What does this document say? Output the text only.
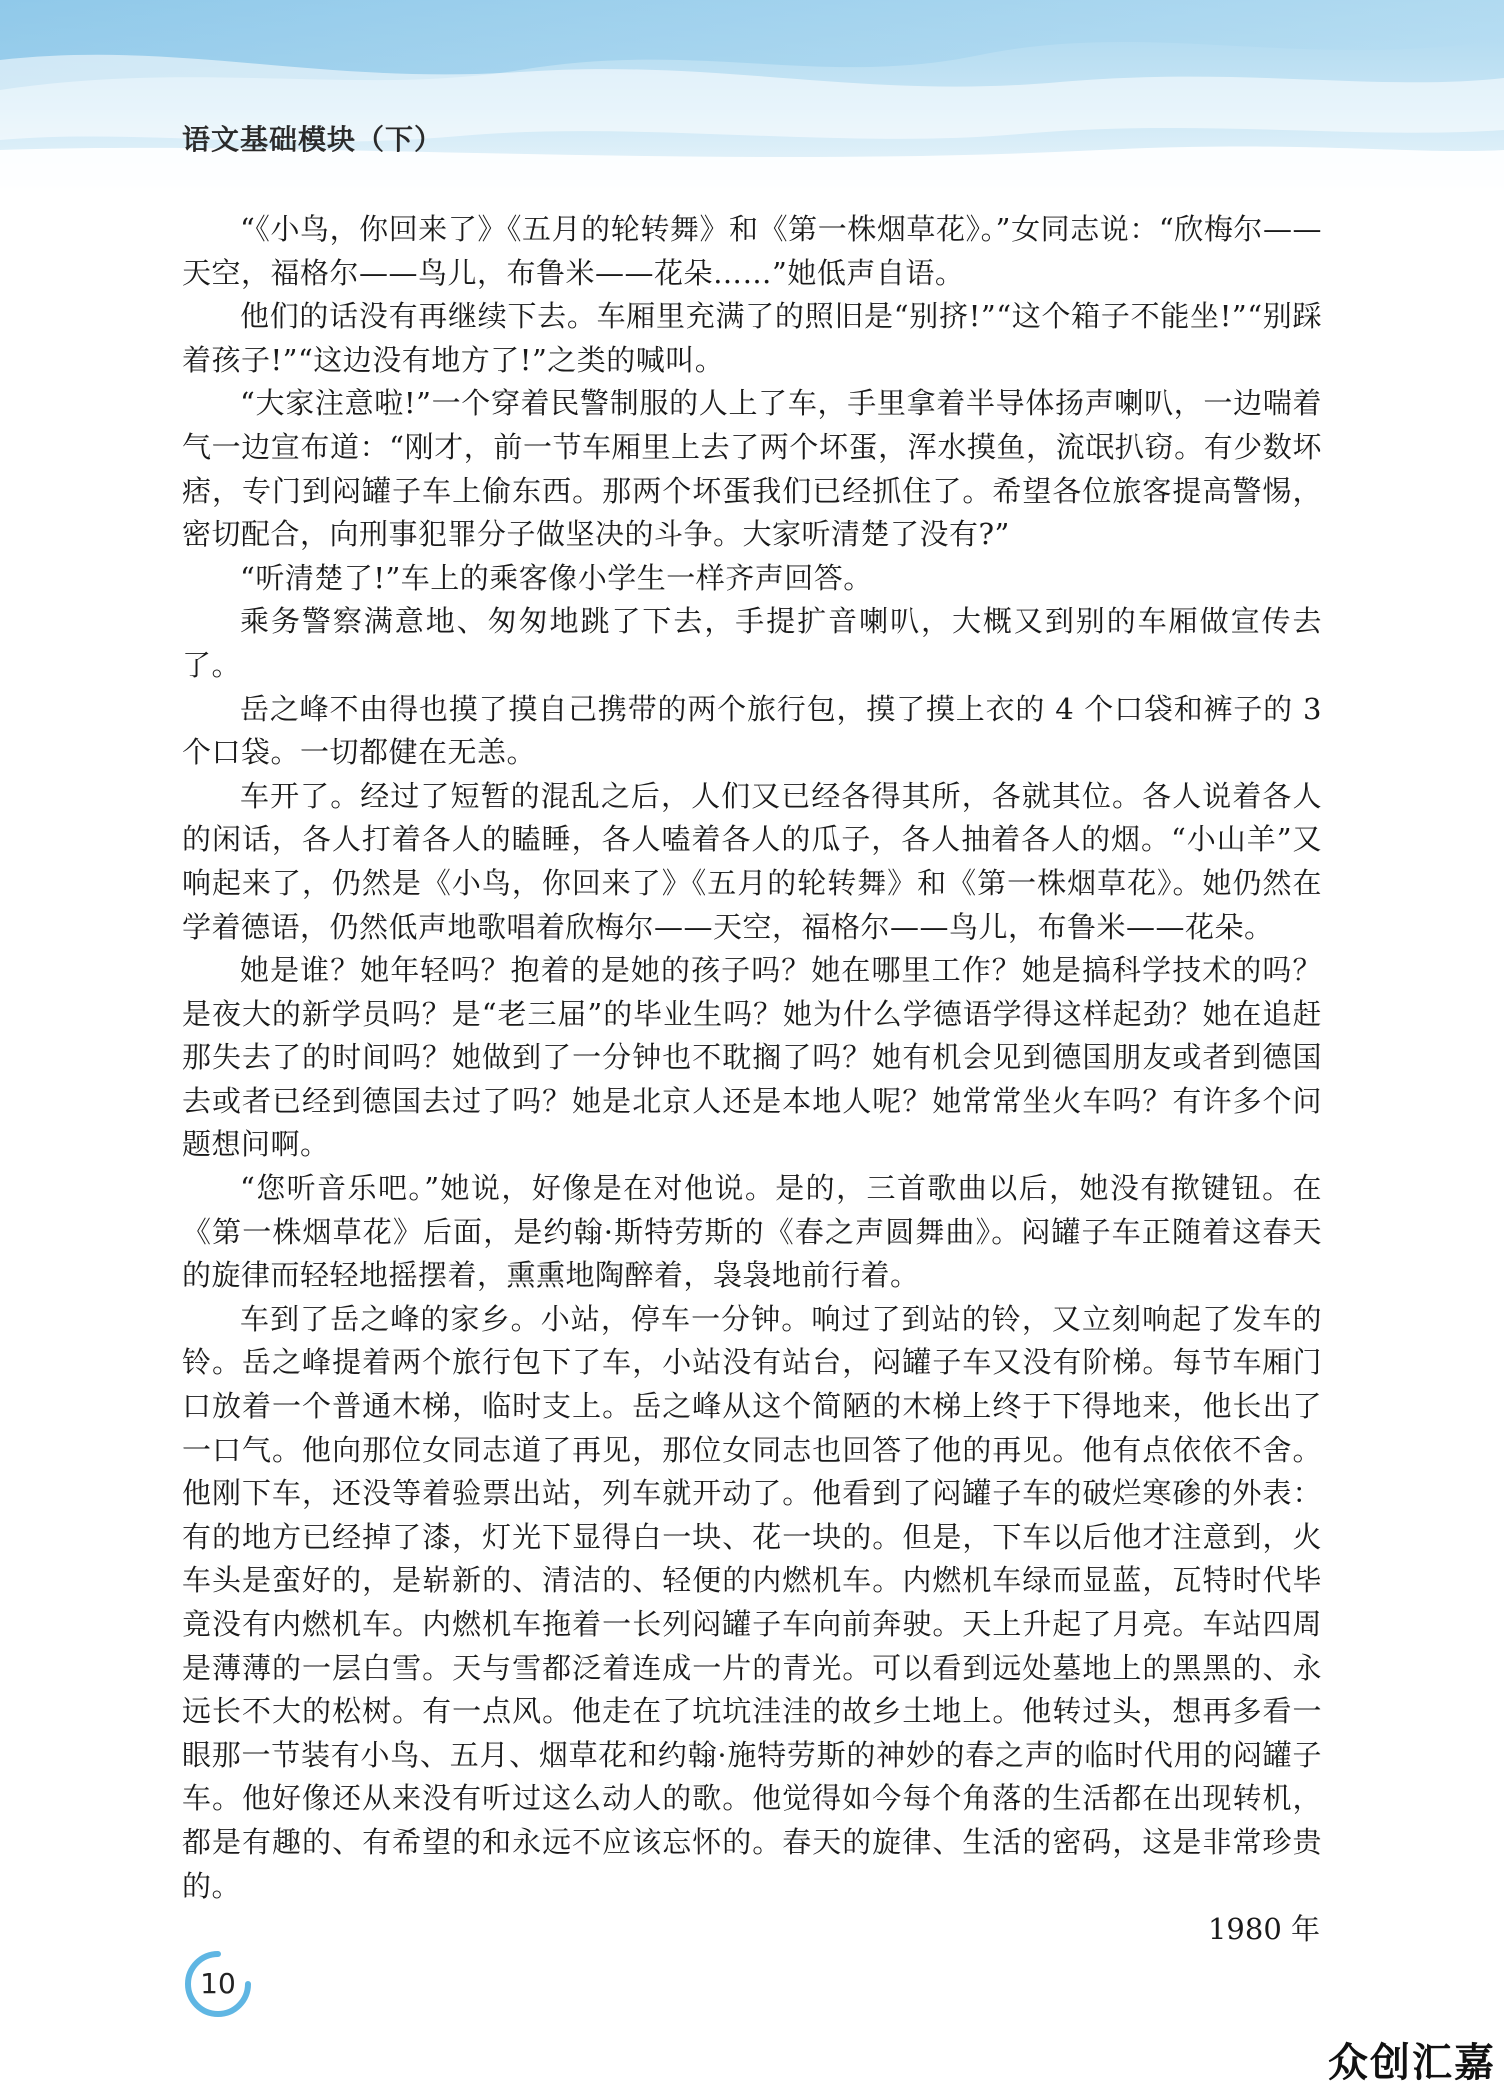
语文基础模块（下）

“《小鸟，你回来了》《五月的轮转舞》和《第一株烟草花》。”女同志说：“欣梅尔——天空，福格尔——鸟儿，布鲁米——花朵……”她低声自语。

他们的话没有再继续下去。车厢里充满了的照旧是“别挤!”“这个箱子不能坐!”“别踩着孩子!”“这边没有地方了!”之类的喊叫。

“大家注意啦!”一个穿着民警制服的人上了车，手里拿着半导体扬声喇叭，一边喘着气一边宣布道：“刚才，前一节车厢里上去了两个坏蛋，浑水摸鱼，流氓扒窃。有少数坏痞，专门到闷罐子车上偷东西。那两个坏蛋我们已经抓住了。希望各位旅客提高警惕，密切配合，向刑事犯罪分子做坚决的斗争。大家听清楚了没有?”

“听清楚了!”车上的乘客像小学生一样齐声回答。

乘务警察满意地、匆匆地跳了下去，手提扩音喇叭，大概又到别的车厢做宣传去了。

岳之峰不由得也摸了摸自己携带的两个旅行包，摸了摸上衣的 4 个口袋和裤子的 3 个口袋。一切都健在无恙。

车开了。经过了短暂的混乱之后，人们又已经各得其所，各就其位。各人说着各人的闲话，各人打着各人的瞌睡，各人嗑着各人的瓜子，各人抽着各人的烟。“小山羊”又响起来了，仍然是《小鸟，你回来了》《五月的轮转舞》和《第一株烟草花》。她仍然在学着德语，仍然低声地歌唱着欣梅尔——天空，福格尔——鸟儿，布鲁米——花朵。

她是谁？她年轻吗？抱着的是她的孩子吗？她在哪里工作？她是搞科学技术的吗？是夜大的新学员吗？是“老三届”的毕业生吗？她为什么学德语学得这样起劲？她在追赶那失去了的时间吗？她做到了一分钟也不耽搁了吗？她有机会见到德国朋友或者到德国去或者已经到德国去过了吗？她是北京人还是本地人呢？她常常坐火车吗？有许多个问题想问啊。

“您听音乐吧。”她说，好像是在对他说。是的，三首歌曲以后，她没有揿键钮。在《第一株烟草花》后面，是约翰·斯特劳斯的《春之声圆舞曲》。闷罐子车正随着这春天的旋律而轻轻地摇摆着，熏熏地陶醉着，袅袅地前行着。

车到了岳之峰的家乡。小站，停车一分钟。响过了到站的铃，又立刻响起了发车的铃。岳之峰提着两个旅行包下了车，小站没有站台，闷罐子车又没有阶梯。每节车厢门口放着一个普通木梯，临时支上。岳之峰从这个简陋的木梯上终于下得地来，他长出了一口气。他向那位女同志道了再见，那位女同志也回答了他的再见。他有点依依不舍。他刚下车，还没等着验票出站，列车就开动了。他看到了闷罐子车的破烂寒碜的外表：有的地方已经掉了漆，灯光下显得白一块、花一块的。但是，下车以后他才注意到，火车头是蛮好的，是崭新的、清洁的、轻便的内燃机车。内燃机车绿而显蓝，瓦特时代毕竟没有内燃机车。内燃机车拖着一长列闷罐子车向前奔驶。天上升起了月亮。车站四周是薄薄的一层白雪。天与雪都泛着连成一片的青光。可以看到远处墓地上的黑黑的、永远长不大的松树。有一点风。他走在了坑坑洼洼的故乡土地上。他转过头，想再多看一眼那一节装有小鸟、五月、烟草花和约翰·施特劳斯的神妙的春之声的临时代用的闷罐子车。他好像还从来没有听过这么动人的歌。他觉得如今每个角落的生活都在出现转机，都是有趣的、有希望的和永远不应该忘怀的。春天的旋律、生活的密码，这是非常珍贵的。

1980 年

10
众创汇嘉
